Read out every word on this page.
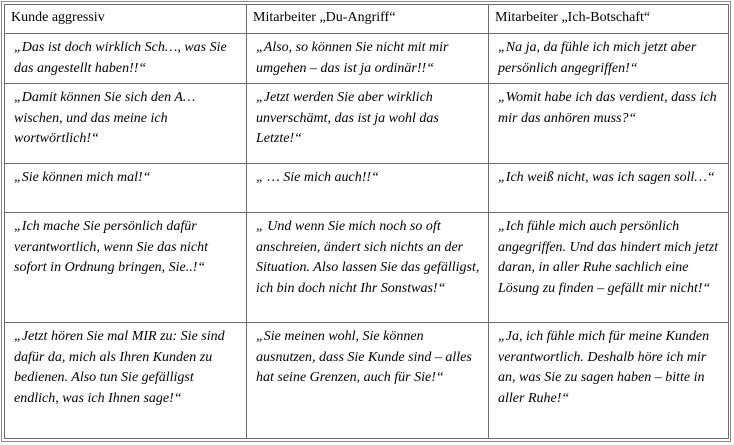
Kunde aggressiv	Mitarbeiter „Du-Angriff“	Mitarbeiter „Ich-Botschaft“
„Das ist doch wirklich Sch…, was Sie das angestellt haben!!“	„Also, so können Sie nicht mit mir umgehen – das ist ja ordinär!!“	„Na ja, da fühle ich mich jetzt aber persönlich angegriffen!“
„Damit können Sie sich den A… wischen, und das meine ich wortwörtlich!“	„Jetzt werden Sie aber wirklich unverschämt, das ist ja wohl das Letzte!“	„Womit habe ich das verdient, dass ich mir das anhören muss?“
„Sie können mich mal!“	„ … Sie mich auch!!“	„Ich weiß nicht, was ich sagen soll…“
„Ich mache Sie persönlich dafür verantwortlich, wenn Sie das nicht sofort in Ordnung bringen, Sie..!“	„ Und wenn Sie mich noch so oft anschreien, ändert sich nichts an der Situation. Also lassen Sie das gefälligst, ich bin doch nicht Ihr Sonstwas!“	„Ich fühle mich auch persönlich angegriffen. Und das hindert mich jetzt daran, in aller Ruhe sachlich eine Lösung zu finden – gefällt mir nicht!“
„Jetzt hören Sie mal MIR zu: Sie sind dafür da, mich als Ihren Kunden zu bedienen. Also tun Sie gefälligst endlich, was ich Ihnen sage!“	„Sie meinen wohl, Sie können ausnutzen, dass Sie Kunde sind – alles hat seine Grenzen, auch für Sie!“	„Ja, ich fühle mich für meine Kunden verantwortlich. Deshalb höre ich mir an, was Sie zu sagen haben – bitte in aller Ruhe!“
